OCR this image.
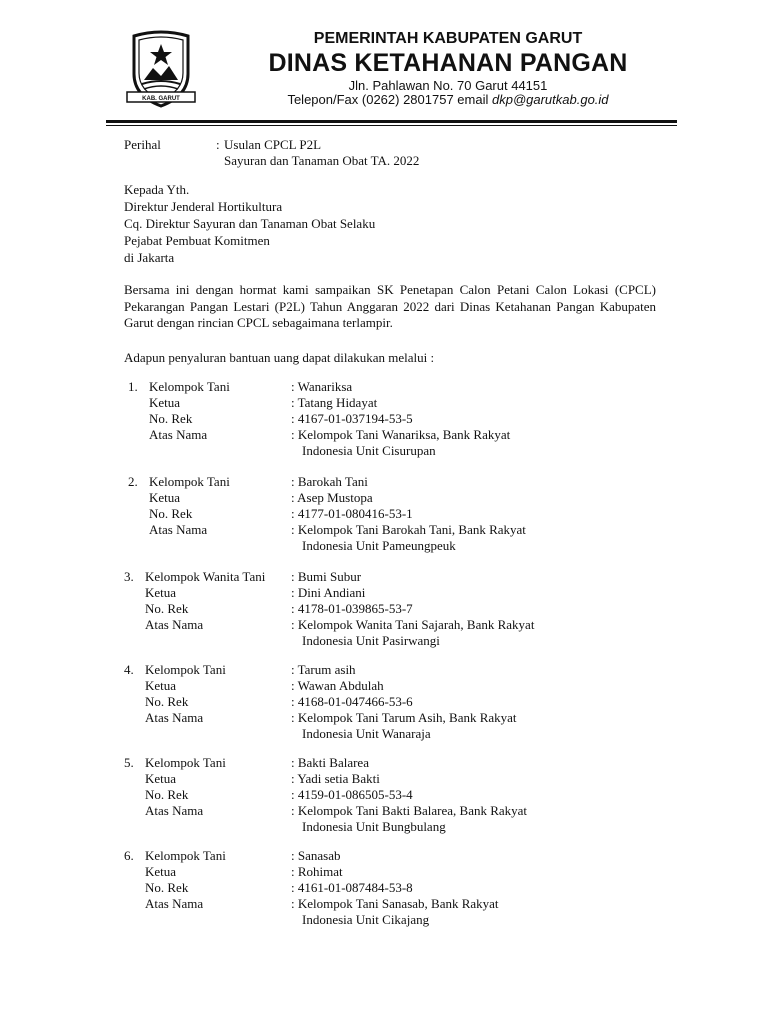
KAB. GARUT
PEMERINTAH KABUPATEN GARUT
DINAS KETAHANAN PANGAN
Jln. Pahlawan No. 70 Garut 44151
Telepon/Fax (0262) 2801757 email dkp@garutkab.go.id
Perihal	: Usulan CPCL P2L
Sayuran dan Tanaman Obat TA. 2022
Kepada Yth.
Direktur Jenderal Hortikultura
Cq. Direktur Sayuran dan Tanaman Obat Selaku
Pejabat Pembuat Komitmen
di Jakarta
Bersama ini dengan hormat kami sampaikan SK Penetapan Calon Petani Calon Lokasi (CPCL) Pekarangan Pangan Lestari (P2L) Tahun Anggaran 2022 dari Dinas Ketahanan Pangan Kabupaten Garut dengan rincian CPCL sebagaimana terlampir.
Adapun penyaluran bantuan uang dapat dilakukan melalui :
1. Kelompok Tani	: Wanariksa
Ketua	: Tatang Hidayat
No. Rek	: 4167-01-037194-53-5
Atas Nama	: Kelompok Tani Wanariksa, Bank Rakyat
Indonesia Unit Cisurupan
2. Kelompok Tani	: Barokah Tani
Ketua	: Asep Mustopa
No. Rek	: 4177-01-080416-53-1
Atas Nama	: Kelompok Tani Barokah Tani, Bank Rakyat
Indonesia Unit Pameungpeuk
3. Kelompok Wanita Tani : Bumi Subur
Ketua	: Dini Andiani
No. Rek	: 4178-01-039865-53-7
Atas Nama	: Kelompok Wanita Tani Sajarah, Bank Rakyat
Indonesia Unit Pasirwangi
4. Kelompok Tani	: Tarum asih
Ketua	: Wawan Abdulah
No. Rek	: 4168-01-047466-53-6
Atas Nama	: Kelompok Tani Tarum Asih, Bank Rakyat
Indonesia Unit Wanaraja
5. Kelompok Tani	: Bakti Balarea
Ketua	: Yadi setia Bakti
No. Rek	: 4159-01-086505-53-4
Atas Nama	: Kelompok Tani Bakti Balarea, Bank Rakyat
Indonesia Unit Bungbulang
6. Kelompok Tani	: Sanasab
Ketua	: Rohimat
No. Rek	: 4161-01-087484-53-8
Atas Nama	: Kelompok Tani Sanasab, Bank Rakyat
Indonesia Unit Cikajang
